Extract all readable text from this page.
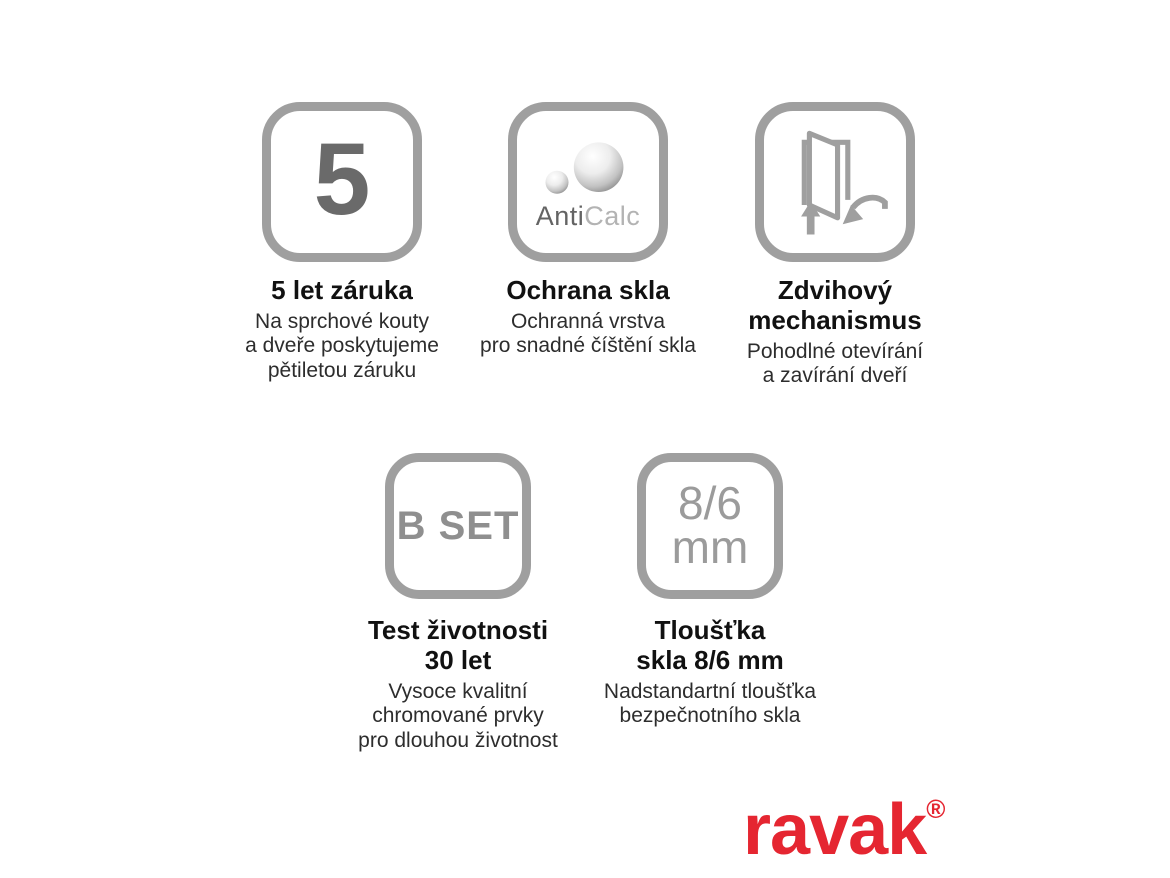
5
5 let záruka

Na sprchové kouty
a dveře poskytujeme
pětiletou záruku

AntiCalc
Ochrana skla

Ochranná vrstva
pro snadné číštění skla

Zdvihový
mechanismus

Pohodlné otevírání
a zavírání dveří

B SET
Test životnosti
30 let

Vysoce kvalitní
chromované prvky
pro dlouhou životnost

8/6
mm
Tloušťka
skla 8/6 mm

Nadstandartní tloušťka
bezpečnotního skla

ravak®
